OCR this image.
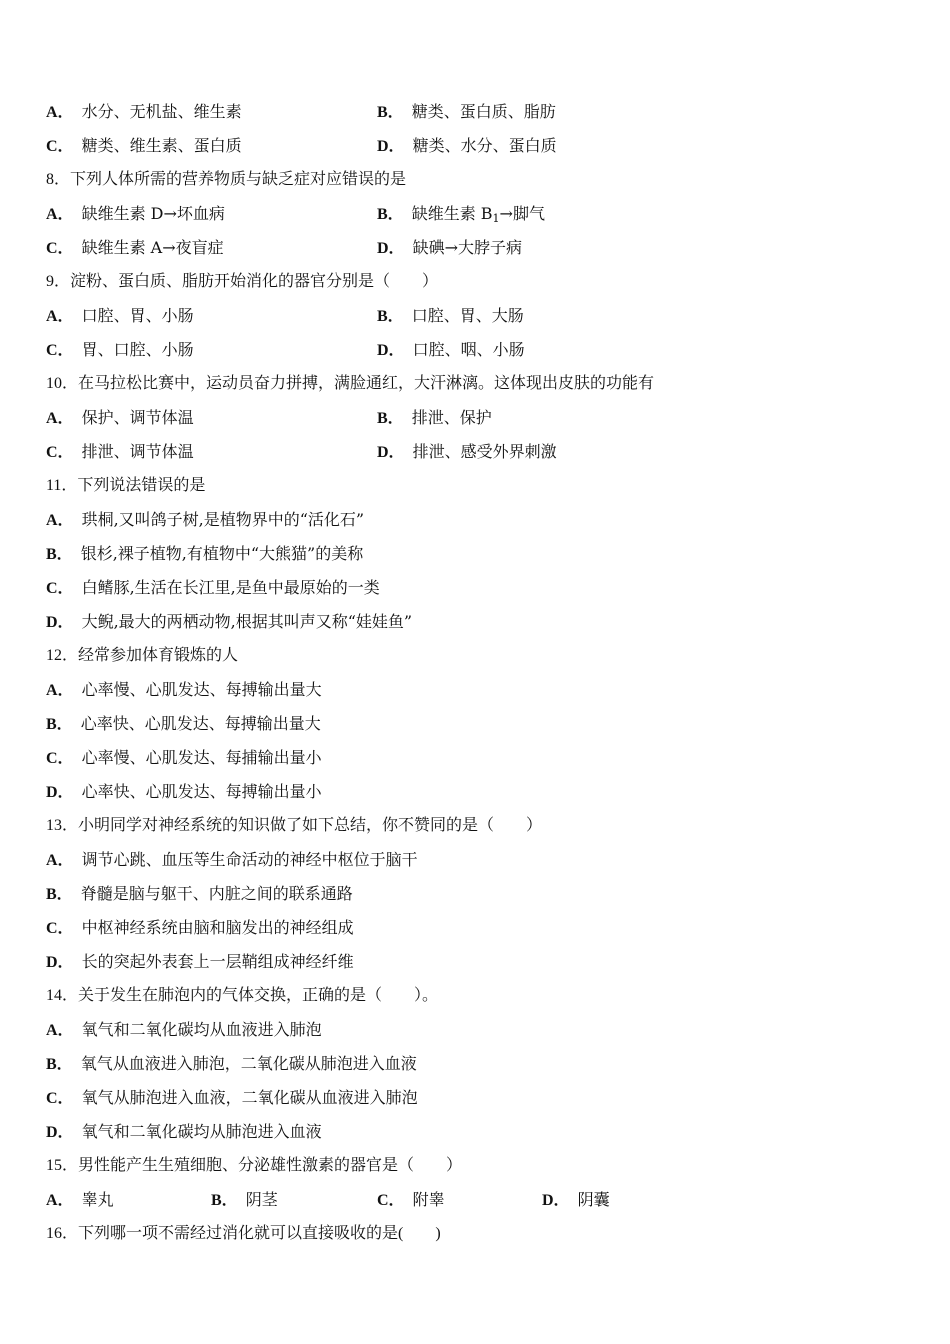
A． 水分、无机盐、维生素	B． 糖类、蛋白质、脂肪
C． 糖类、维生素、蛋白质	D． 糖类、水分、蛋白质
8．下列人体所需的营养物质与缺乏症对应错误的是
A． 缺维生素 D→坏血病	B． 缺维生素 $B_1\to$脚气
C． 缺维生素 A→夜盲症	D． 缺碘→大脖子病
9．淀粉、蛋白质、脂肪开始消化的器官分别是（　　）
A． 口腔、胃、小肠	B． 口腔、胃、大肠
C． 胃、口腔、小肠	D． 口腔、咽、小肠
10．在马拉松比赛中，运动员奋力拼搏，满脸通红，大汗淋漓。这体现出皮肤的功能有
A． 保护、调节体温	B． 排泄、保护
C． 排泄、调节体温	D． 排泄、感受外界刺激
11．下列说法错误的是
A． 珙桐,又叫鸽子树,是植物界中的“活化石”
B． 银杉,裸子植物,有植物中“大熊猫”的美称
C． 白鳍豚,生活在长江里,是鱼中最原始的一类
D． 大鲵,最大的两栖动物,根据其叫声又称“娃娃鱼”
12．经常参加体育锻炼的人
A． 心率慢、心肌发达、每搏输出量大
B． 心率快、心肌发达、每搏输出量大
C． 心率慢、心肌发达、每捕输出量小
D． 心率快、心肌发达、每搏输出量小
13．小明同学对神经系统的知识做了如下总结，你不赞同的是（　　）
A． 调节心跳、血压等生命活动的神经中枢位于脑干
B． 脊髓是脑与躯干、内脏之间的联系通路
C． 中枢神经系统由脑和脑发出的神经组成
D． 长的突起外表套上一层鞘组成神经纤维
14．关于发生在肺泡内的气体交换，正确的是（　　）。
A． 氧气和二氧化碳均从血液进入肺泡
B． 氧气从血液进入肺泡，二氧化碳从肺泡进入血液
C． 氧气从肺泡进入血液，二氧化碳从血液进入肺泡
D． 氧气和二氧化碳均从肺泡进入血液
15．男性能产生生殖细胞、分泌雄性激素的器官是（　　）
A． 睾丸	B． 阴茎	C． 附睾	D． 阴囊
16．下列哪一项不需经过消化就可以直接吸收的是(　　)
